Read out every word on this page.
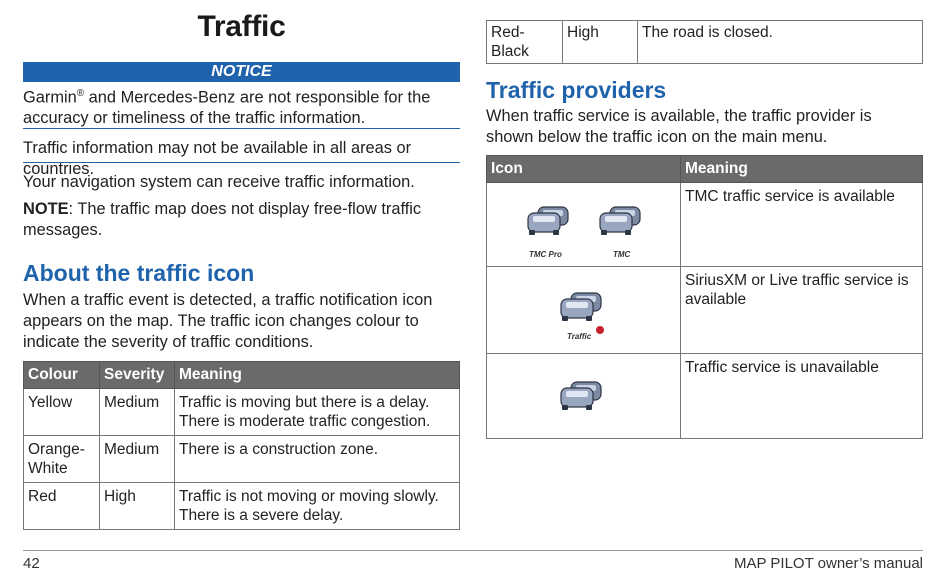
Traffic
NOTICE

Garmin® and Mercedes-Benz are not responsible for the accuracy or timeliness of the traffic information.

Traffic information may not be available in all areas or countries.

Your navigation system can receive traffic information.

NOTE: The traffic map does not display free-flow traffic messages.

About the traffic icon

When a traffic event is detected, a traffic notification icon appears on the map. The traffic icon changes colour to indicate the severity of traffic conditions.

Colour	Severity	Meaning
Yellow	Medium	Traffic is moving but there is a delay. There is moderate traffic congestion.
Orange-White	Medium	There is a construction zone.
Red	High	Traffic is not moving or moving slowly. There is a severe delay.
Red-Black	High	The road is closed.
Traffic providers

When traffic service is available, the traffic provider is shown below the traffic icon on the main menu.

Icon	Meaning

TMC Pro TMC	TMC traffic service is available

Traffic	SiriusXM or Live traffic service is available

	Traffic service is unavailable
42	MAP PILOT owner’s manual
